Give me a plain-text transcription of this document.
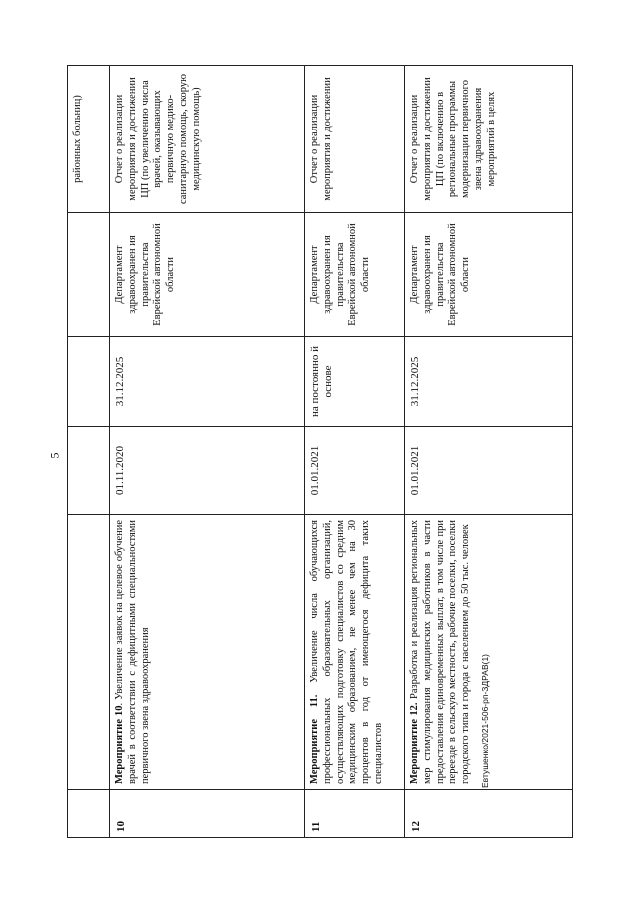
5
Евтушенко/2021-506-рп-ЗДРАВ(1)
					районных больниц)
10	Мероприятие 10. Увеличение заявок на целевое обучение врачей в соответствии с дефицитными специальностями первичного звена здравоохранения	01.11.2020	31.12.2025	Департамент здравоохранен ия правительства Еврейской автономной области	Отчет о реализации мероприятия и достижении ЦП (по увеличению числа врачей, оказывающих первичную медико-санитарную помощь, скорую медицинскую помощь)
11	Мероприятие 11. Увеличение числа обучающихся профессиональных образовательных организаций, осуществляющих подготовку специалистов со средним медицинским образованием, не менее чем на 30 процентов в год от имеющегося дефицита таких специалистов	01.01.2021	на постоянно й основе	Департамент здравоохранен ия правительства Еврейской автономной области	Отчет о реализации мероприятия и достижении
12	Мероприятие 12. Разработка и реализация региональных мер стимулирования медицинских работников в части предоставления единовременных выплат, в том числе при переезде в сельскую местность, рабочие поселки, поселки городского типа и города с населением до 50 тыс. человек	01.01.2021	31.12.2025	Департамент здравоохранен ия правительства Еврейской автономной области	Отчет о реализации мероприятия и достижении ЦП (по включению в региональные программы модернизации первичного звена здравоохранения мероприятий в целях
